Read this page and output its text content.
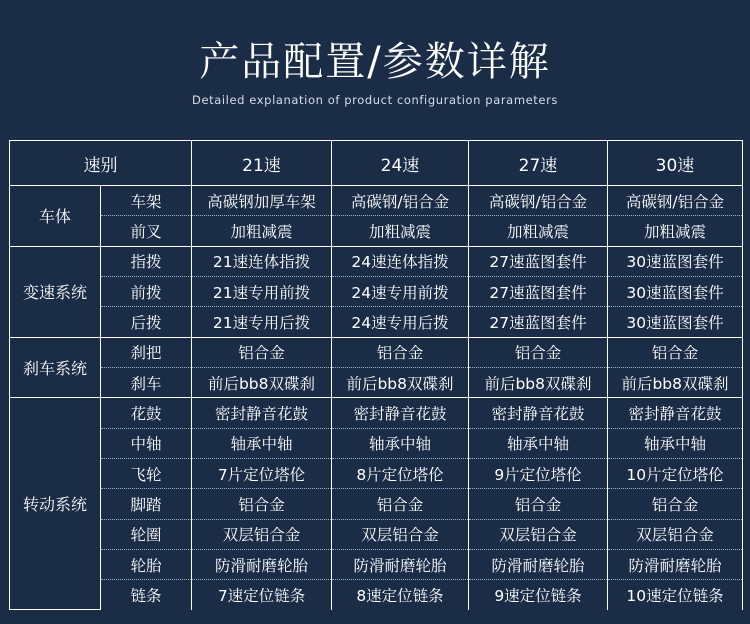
产品配置/参数详解
Detailed explanation of product configuration parameters
速别		21速	24速	27速	30速
车体	车架	高碳钢加厚车架	高碳钢/铝合金	高碳钢/铝合金	高碳钢/铝合金
	前叉	加粗减震	加粗减震	加粗减震	加粗减震
变速系统	指拨	21速连体指拨	24速连体指拨	27速蓝图套件	30速蓝图套件
	前拨	21速专用前拨	24速专用前拨	27速蓝图套件	30速蓝图套件
	后拨	21速专用后拨	24速专用后拨	27速蓝图套件	30速蓝图套件
刹车系统	刹把	铝合金	铝合金	铝合金	铝合金
	刹车	前后bb8双碟刹	前后bb8双碟刹	前后bb8双碟刹	前后bb8双碟刹
转动系统	花鼓	密封静音花鼓	密封静音花鼓	密封静音花鼓	密封静音花鼓
	中轴	轴承中轴	轴承中轴	轴承中轴	轴承中轴
	飞轮	7片定位塔伦	8片定位塔伦	9片定位塔伦	10片定位塔伦
	脚踏	铝合金	铝合金	铝合金	铝合金
	轮圈	双层铝合金	双层铝合金	双层铝合金	双层铝合金
	轮胎	防滑耐磨轮胎	防滑耐磨轮胎	防滑耐磨轮胎	防滑耐磨轮胎
	链条	7速定位链条	8速定位链条	9速定位链条	10速定位链条
